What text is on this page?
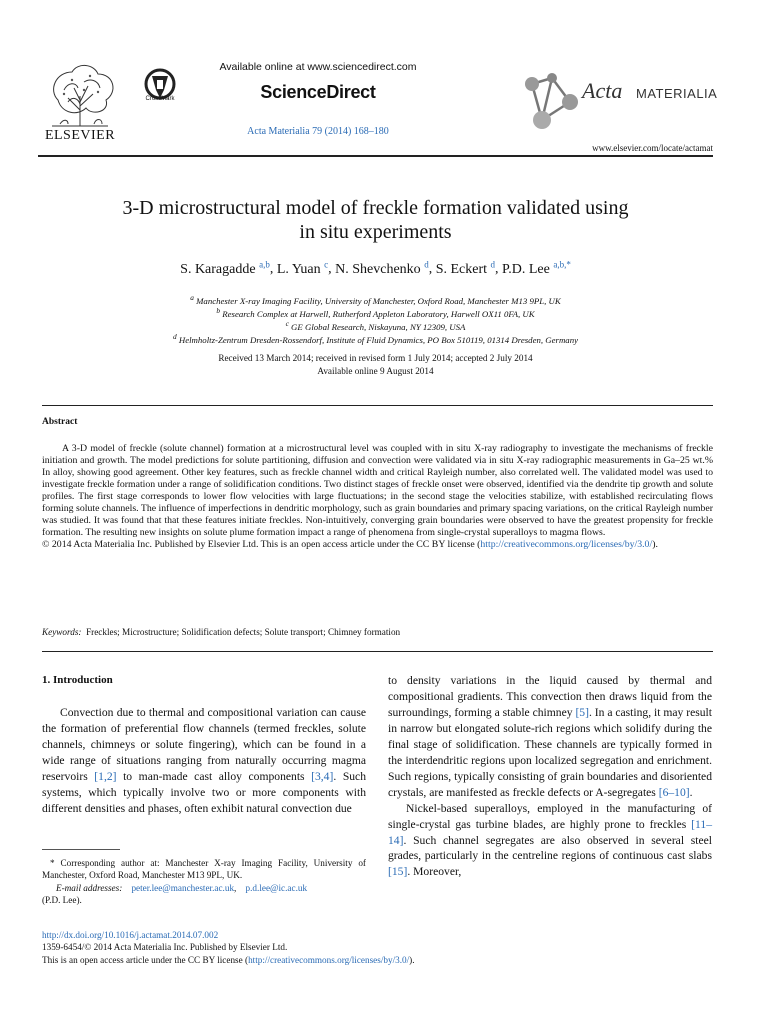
ELSEVIER
CrossMark
Available online at www.sciencedirect.com
ScienceDirect
Acta Materialia 79 (2014) 168–180
Acta MATERIALIA
www.elsevier.com/locate/actamat
3-D microstructural model of freckle formation validated using
in situ experiments
S. Karagadde $^{a,b}$, L. Yuan $^c$, N. Shevchenko $^d$, S. Eckert $^d$, P.D. Lee $^{a,b,*}$
$^a$ Manchester X-ray Imaging Facility, University of Manchester, Oxford Road, Manchester M13 9PL, UK
$^b$ Research Complex at Harwell, Rutherford Appleton Laboratory, Harwell OX11 0FA, UK
$^c$ GE Global Research, Niskayuna, NY 12309, USA
$^d$ Helmholtz-Zentrum Dresden-Rossendorf, Institute of Fluid Dynamics, PO Box 510119, 01314 Dresden, Germany
Received 13 March 2014; received in revised form 1 July 2014; accepted 2 July 2014
Available online 9 August 2014
Abstract

A 3-D model of freckle (solute channel) formation at a microstructural level was coupled with in situ X-ray radiography to investigate the mechanisms of freckle initiation and growth. The model predictions for solute partitioning, diffusion and convection were validated via in situ X-ray radiographic measurements in Ga–25 wt.% In alloy, showing good agreement. Other key features, such as freckle channel width and critical Rayleigh number, also correlated well. The validated model was used to investigate freckle formation under a range of solidification conditions. Two distinct stages of freckle onset were observed, identified via the dendrite tip growth and solute profiles. The first stage corresponds to lower flow velocities with large fluctuations; in the second stage the velocities stabilize, with established recirculating flows forming solute channels. The influence of imperfections in dendritic morphology, such as grain boundaries and primary spacing variations, on the critical Rayleigh number was studied. It was found that that these features initiate freckles. Non-intuitively, converging grain boundaries were observed to have the greatest propensity for freckle formation. The resulting new insights on solute plume formation impact a range of phenomena from single-crystal superalloys to magma flows.

© 2014 Acta Materialia Inc. Published by Elsevier Ltd. This is an open access article under the CC BY license (http://creativecommons.org/licenses/by/3.0/).

Keywords: Freckles; Microstructure; Solidification defects; Solute transport; Chimney formation
1. Introduction

Convection due to thermal and compositional variation can cause the formation of preferential flow channels (termed freckles, solute channels, chimneys or solute fingering), which can be found in a wide range of situations ranging from naturally occurring magma reservoirs [1,2] to man-made cast alloy components [3,4]. Such systems, which typically involve two or more components with different densities and phases, often exhibit natural convection due

* Corresponding author at: Manchester X-ray Imaging Facility, University of Manchester, Oxford Road, Manchester M13 9PL, UK.
E-mail addresses: peter.lee@manchester.ac.uk, p.d.lee@ic.ac.uk
(P.D. Lee).

to density variations in the liquid caused by thermal and compositional gradients. This convection then draws liquid from the surroundings, forming a stable chimney [5]. In a casting, it may result in narrow but elongated solute-rich regions which solidify during the final stage of solidification. These channels are typically formed in the interdendritic regions upon localized segregation and enrichment. Such regions, typically consisting of grain boundaries and disoriented crystals, are manifested as freckle defects or A-segregates [6–10].

Nickel-based superalloys, employed in the manufacturing of single-crystal gas turbine blades, are highly prone to freckles [11–14]. Such channel segregates are also observed in several steel grades, particularly in the centreline regions of continuous cast slabs [15]. Moreover,

http://dx.doi.org/10.1016/j.actamat.2014.07.002
1359-6454/© 2014 Acta Materialia Inc. Published by Elsevier Ltd.
This is an open access article under the CC BY license (http://creativecommons.org/licenses/by/3.0/).
